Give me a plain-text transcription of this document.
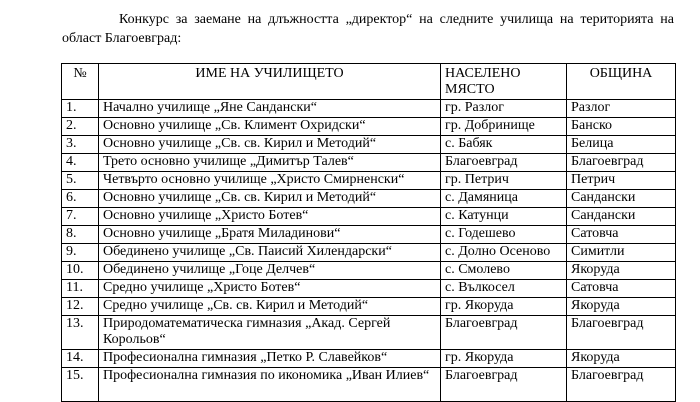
Конкурс за заемане на длъжността „директор“ на следните училища на територията на област Благоевград:

№	ИМЕ НА УЧИЛИЩЕТО	НАСЕЛЕНО МЯСТО	ОБЩИНА
1.	Начално училище „Яне Сандански“	гр. Разлог	Разлог
2.	Основно училище „Св. Климент Охридски“	гр. Добринище	Банско
3.	Основно училище „Св. св. Кирил и Методий“	с. Бабяк	Белица
4.	Трето основно училище „Димитър Талев“	Благоевград	Благоевград
5.	Четвърто основно училище „Христо Смирненски“	гр. Петрич	Петрич
6.	Основно училище „Св. св. Кирил и Методий“	с. Дамяница	Сандански
7.	Основно училище „Христо Ботев“	с. Катунци	Сандански
8.	Основно училище „Братя Миладинови“	с. Годешево	Сатовча
9.	Обединено училище „Св. Паисий Хилендарски“	с. Долно Осеново	Симитли
10.	Обединено училище „Гоце Делчев“	с. Смолево	Якоруда
11.	Средно училище „Христо Ботев“	с. Вълкосел	Сатовча
12.	Средно училище „Св. св. Кирил и Методий“	гр. Якоруда	Якоруда
13.	Природоматематическа гимназия „Акад. Сергей Корольов“	Благоевград	Благоевград
14.	Професионална гимназия „Петко Р. Славейков“	гр. Якоруда	Якоруда
15.	Професионална гимназия по икономика „Иван Илиев“	Благоевград	Благоевград
